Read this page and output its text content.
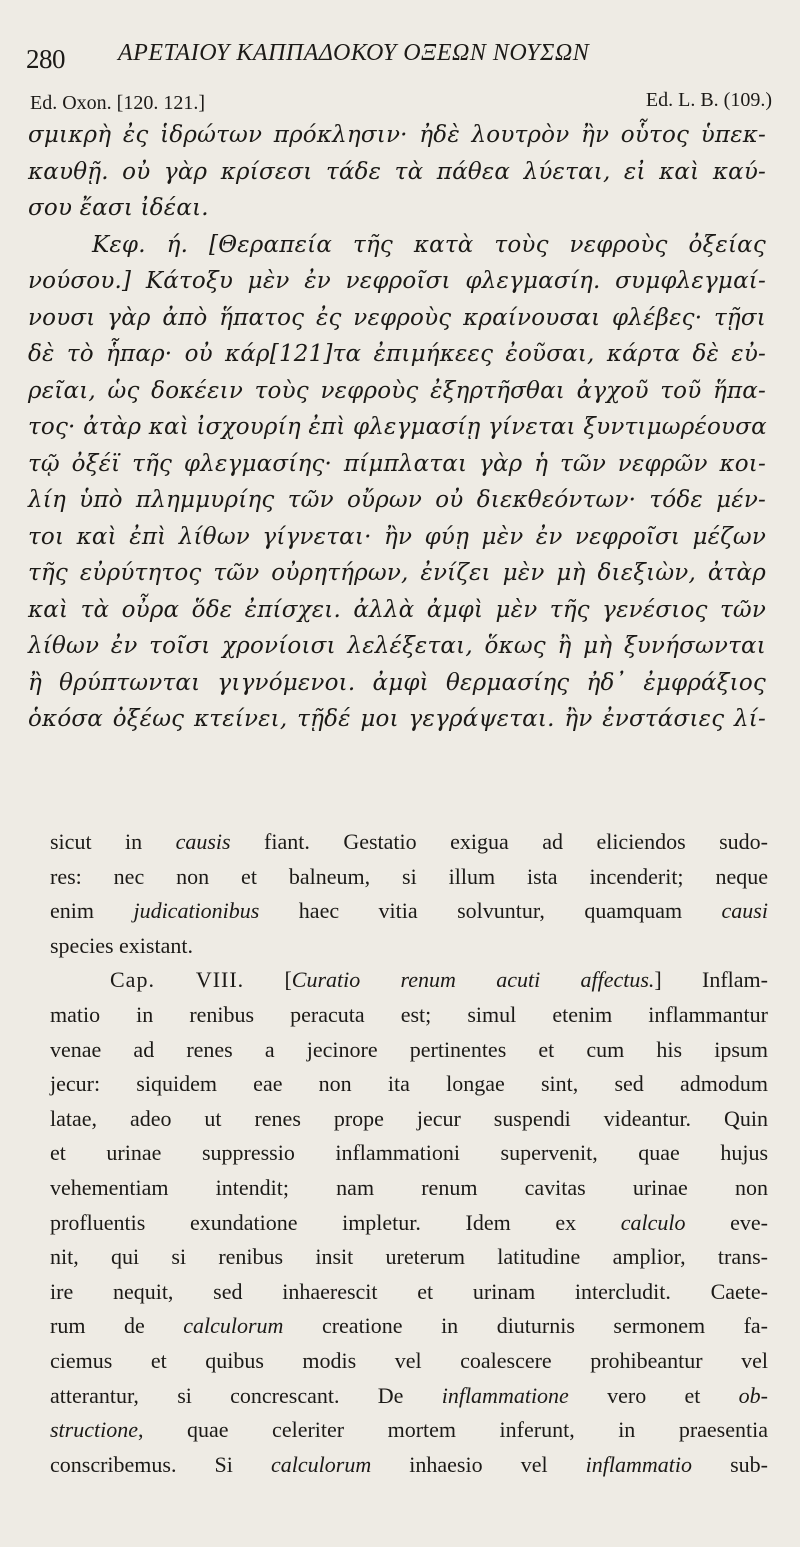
280 ΑΡΕΤΑΙΟΥ ΚΑΠΠΑΔΟΚΟΥ ΟΞΕΩΝ ΝΟΥΣΩΝ
Ed. Oxon. [120. 121.]	Ed. L. B. (109.)
σμικρὴ ἐς ἱδρώτων πρόκλησιν· ἠδὲ λουτρὸν ἢν οὗτος ὑπεκ-
καυθῇ. οὐ γὰρ κρίσεσι τάδε τὰ πάθεα λύεται, εἰ καὶ καύ-
σου ἔασι ἰδέαι.
Κεφ. ή. [Θεραπεία τῆς κατὰ τοὺς νεφροὺς ὀξείας
νούσου.] Κάτοξυ μὲν ἐν νεφροῖσι φλεγμασίη. συμφλεγμαί-
νουσι γὰρ ἀπὸ ἥπατος ἐς νεφροὺς κραίνουσαι φλέβες· τῇσι
δὲ τὸ ἧπαρ· οὐ κάρ[121]τα ἐπιμήκεες ἐοῦσαι, κάρτα δὲ εὐ-
ρεῖαι, ὡς δοκέειν τοὺς νεφροὺς ἐξηρτῆσθαι ἀγχοῦ τοῦ ἥπα-
τος· ἀτὰρ καὶ ἰσχουρίη ἐπὶ φλεγμασίῃ γίνεται ξυντιμωρέουσα
τῷ ὀξέϊ τῆς φλεγμασίης· πίμπλαται γὰρ ἡ τῶν νεφρῶν κοι-
λίη ὑπὸ πλημμυρίης τῶν οὔρων οὐ διεκθεόντων· τόδε μέν-
τοι καὶ ἐπὶ λίθων γίγνεται· ἢν φύῃ μὲν ἐν νεφροῖσι μέζων
τῆς εὐρύτητος τῶν οὐρητήρων, ἐνίζει μὲν μὴ διεξιὼν, ἀτὰρ
καὶ τὰ οὖρα ὅδε ἐπίσχει. ἀλλὰ ἀμφὶ μὲν τῆς γενέσιος τῶν
λίθων ἐν τοῖσι χρονίοισι λελέξεται, ὅκως ἢ μὴ ξυνήσωνται
ἢ θρύπτωνται γιγνόμενοι. ἀμφὶ θερμασίης ἠδ᾽ ἐμφράξιος
ὁκόσα ὀξέως κτείνει, τῇδέ μοι γεγράψεται. ἢν ἐνστάσιες λί-
sicut in causis fiant. Gestatio exigua ad eliciendos sudo-
res: nec non et balneum, si illum ista incenderit; neque
enim judicationibus haec vitia solvuntur, quamquam causi
species existant.
Cap. VIII. [Curatio renum acuti affectus.] Inflam-
matio in renibus peracuta est; simul etenim inflammantur
venae ad renes a jecinore pertinentes et cum his ipsum
jecur: siquidem eae non ita longae sint, sed admodum
latae, adeo ut renes prope jecur suspendi videantur. Quin
et urinae suppressio inflammationi supervenit, quae hujus
vehementiam intendit; nam renum cavitas urinae non
profluentis exundatione impletur. Idem ex calculo eve-
nit, qui si renibus insit ureterum latitudine amplior, trans-
ire nequit, sed inhaerescit et urinam intercludit. Caete-
rum de calculorum creatione in diuturnis sermonem fa-
ciemus et quibus modis vel coalescere prohibeantur vel
atterantur, si concrescant. De inflammatione vero et ob-
structione, quae celeriter mortem inferunt, in praesentia
conscribemus. Si calculorum inhaesio vel inflammatio sub-
